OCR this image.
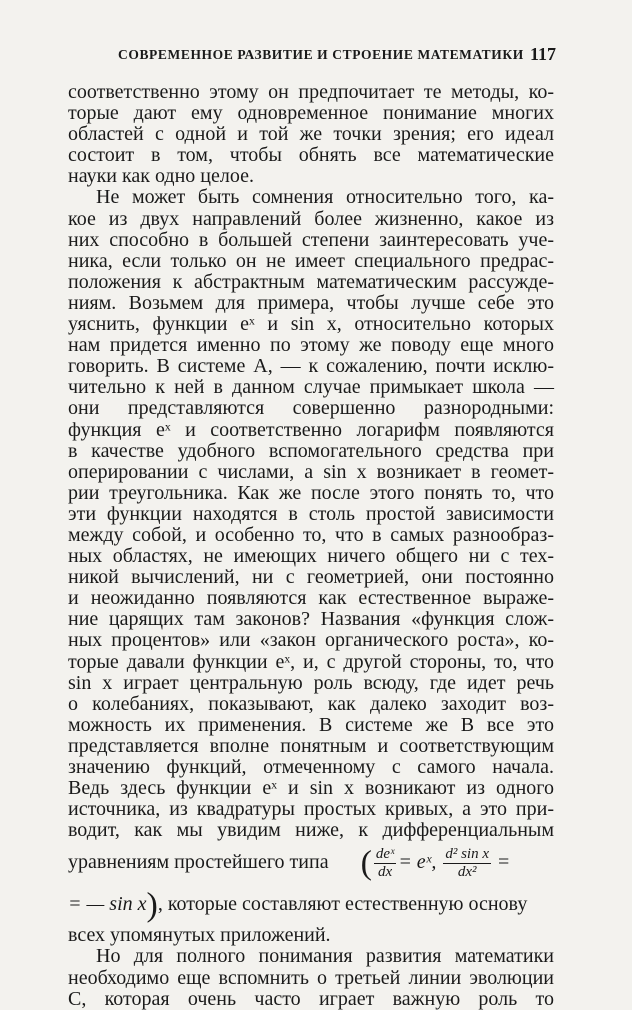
СОВРЕМЕННОЕ РАЗВИТИЕ И СТРОЕНИЕ МАТЕМАТИКИ 117
соответственно этому он предпочитает те методы, ко-
торые дают ему одновременное понимание многих
областей с одной и той же точки зрения; его идеал
состоит в том, чтобы обнять все математические
науки как одно целое.
Не может быть сомнения относительно того, ка-
кое из двух направлений более жизненно, какое из
них способно в большей степени заинтересовать уче-
ника, если только он не имеет специального предрас-
положения к абстрактным математическим рассужде-
ниям. Возьмем для примера, чтобы лучше себе это
уяснить, функции eˣ и sin x, относительно которых
нам придется именно по этому же поводу еще много
говорить. В системе A, — к сожалению, почти исклю-
чительно к ней в данном случае примыкает школа —
они представляются совершенно разнородными:
функция eˣ и соответственно логарифм появляются
в качестве удобного вспомогательного средства при
оперировании с числами, а sin x возникает в геомет-
рии треугольника. Как же после этого понять то, что
эти функции находятся в столь простой зависимости
между собой, и особенно то, что в самых разнообраз-
ных областях, не имеющих ничего общего ни с тех-
никой вычислений, ни с геометрией, они постоянно
и неожиданно появляются как естественное выраже-
ние царящих там законов? Названия «функция слож-
ных процентов» или «закон органического роста», ко-
торые давали функции eˣ, и, с другой стороны, то, что
sin x играет центральную роль всюду, где идет речь
о колебаниях, показывают, как далеко заходит воз-
можность их применения. В системе же B все это
представляется вполне понятным и соответствующим
значению функций, отмеченному с самого начала.
Ведь здесь функции eˣ и sin x возникают из одного
источника, из квадратуры простых кривых, а это при-
водит, как мы увидим ниже, к дифференциальным
уравнениям простейшего типа ( $\frac{\text{deˣ}}{dx}$ = eˣ, $\frac{\text{d² sin x}}{\text{dx²}}$ =
= — sin x), которые составляют естественную основу
всех упомянутых приложений.
Но для полного понимания развития математики
необходимо еще вспомнить о третьей линии эволюции
C, которая очень часто играет важную роль то
